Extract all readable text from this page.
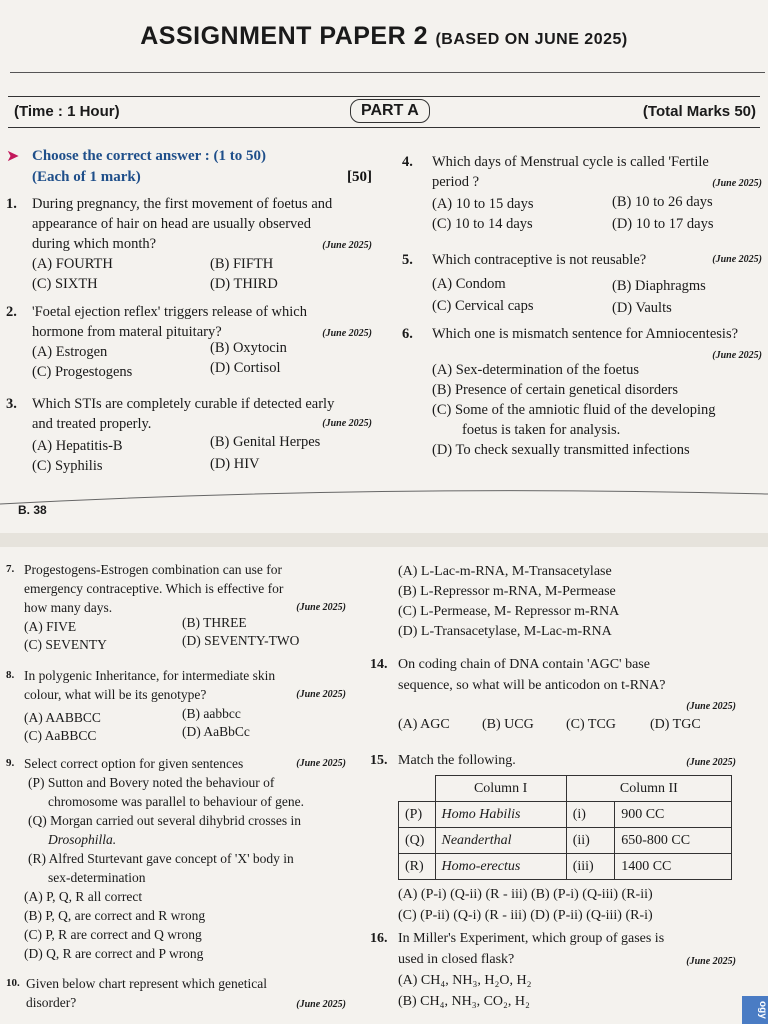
ASSIGNMENT PAPER 2 (BASED ON JUNE 2025)
(Time : 1 Hour)	(Total Marks 50)
PART A
➤ Choose the correct answer : (1 to 50)
(Each of 1 mark)	[50]
1. During pregnancy, the first movement of foetus and
appearance of hair on head are usually observed
during which month?	(June 2025)
(A) FOURTH	(B) FIFTH
(C) SIXTH	(D) THIRD
2. 'Foetal ejection reflex' triggers release of which
hormone from materal pituitary?	(June 2025)
(A) Estrogen	(B) Oxytocin
(C) Progestogens	(D) Cortisol
3. Which STIs are completely curable if detected early
and treated properly.	(June 2025)
(A) Hepatitis-B	(B) Genital Herpes
(C) Syphilis	(D) HIV
4. Which days of Menstrual cycle is called 'Fertile
period ?	(June 2025)
(A) 10 to 15 days	(B) 10 to 26 days
(C) 10 to 14 days	(D) 10 to 17 days
5. Which contraceptive is not reusable?	(June 2025)
(A) Condom	(B) Diaphragms
(C) Cervical caps	(D) Vaults
6. Which one is mismatch sentence for Amniocentesis?
(June 2025)
(A) Sex-determination of the foetus
(B) Presence of certain genetical disorders
(C) Some of the amniotic fluid of the developing
foetus is taken for analysis.
(D) To check sexually transmitted infections
B. 38
7. Progestogens-Estrogen combination can use for
emergency contraceptive. Which is effective for
how many days.	(June 2025)
(A) FIVE	(B) THREE
(C) SEVENTY	(D) SEVENTY-TWO
8. In polygenic Inheritance, for intermediate skin
colour, what will be its genotype?	(June 2025)
(A) AABBCC	(B) aabbcc
(C) AaBBCC	(D) AaBbCc
9. Select correct option for given sentences	(June 2025)
(P) Sutton and Bovery noted the behaviour of
chromosome was parallel to behaviour of gene.
(Q) Morgan carried out several dihybrid crosses in
Drosophilla.
(R) Alfred Sturtevant gave concept of 'X' body in
sex-determination
(A) P, Q, R all correct
(B) P, Q, are correct and R wrong
(C) P, R are correct and Q wrong
(D) Q, R are correct and P wrong
10. Given below chart represent which genetical
disorder?	(June 2025)
(A) L-Lac-m-RNA, M-Transacetylase
(B) L-Repressor m-RNA, M-Permease
(C) L-Permease, M- Repressor m-RNA
(D) L-Transacetylase, M-Lac-m-RNA
14. On coding chain of DNA contain 'AGC' base
sequence, so what will be anticodon on t-RNA?
(June 2025)
(A) AGC (B) UCG (C) TCG (D) TGC
15. Match the following.	(June 2025)
	Column I	Column II	
(P)	Homo Habilis	(i)	900 CC
(Q)	Neanderthal	(ii)	650-800 CC
(R)	Homo-erectus	(iii)	1400 CC
(A) (P-i) (Q-ii) (R - iii) (B) (P-i) (Q-iii) (R-ii)
(C) (P-ii) (Q-i) (R - iii) (D) (P-ii) (Q-iii) (R-i)
16. In Miller's Experiment, which group of gases is
used in closed flask?	(June 2025)
(A) CH₄, NH₃, H₂O, H₂
(B) CH₄, NH₃, CO₂, H₂	ogy
